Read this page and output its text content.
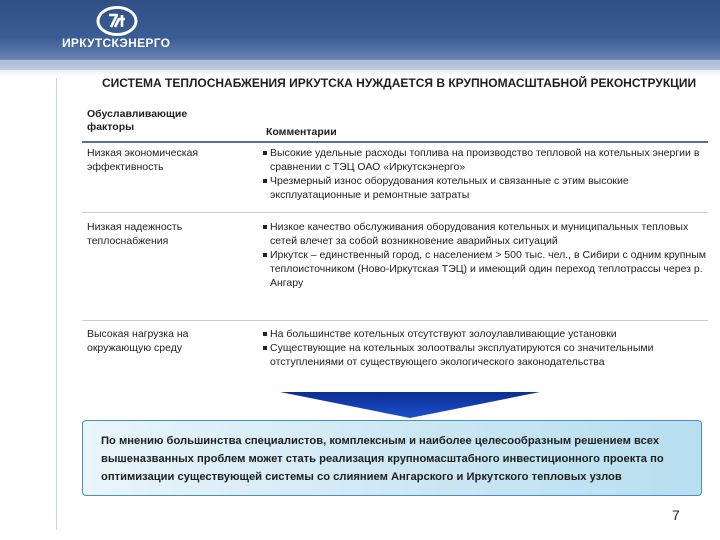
ИРКУТСКЭНЕРГО
СИСТЕМА ТЕПЛОСНАБЖЕНИЯ ИРКУТСКА НУЖДАЕТСЯ В КРУПНОМАСШТАБНОЙ РЕКОНСТРУКЦИИ
Обуславливающие факторы	Комментарии
Низкая экономическая эффективность

Высокие удельные расходы топлива на производство тепловой на котельных энергии в сравнении с ТЭЦ ОАО «Иркутскэнерго»

Чрезмерный износ оборудования котельных и связанные с этим высокие эксплуатационные и ремонтные затраты

Низкая надежность теплоснабжения

Низкое качество обслуживания оборудования котельных и муниципальных тепловых сетей влечет за собой возникновение аварийных ситуаций

Иркутск – единственный город, с населением > 500 тыс. чел., в Сибири с одним крупным теплоисточником (Ново-Иркутская ТЭЦ) и имеющий один переход теплотрассы через р. Ангару

Высокая нагрузка на окружающую среду

На большинстве котельных отсутствуют золоулавливающие установки

Существующие на котельных золоотвалы эксплуатируются со значительными отступлениями от существующего экологического законодательства

По мнению большинства специалистов, комплексным и наиболее целесообразным решением всех вышеназванных проблем может стать реализация крупномасштабного инвестиционного проекта по оптимизации существующей системы со слиянием Ангарского и Иркутского тепловых узлов
7
